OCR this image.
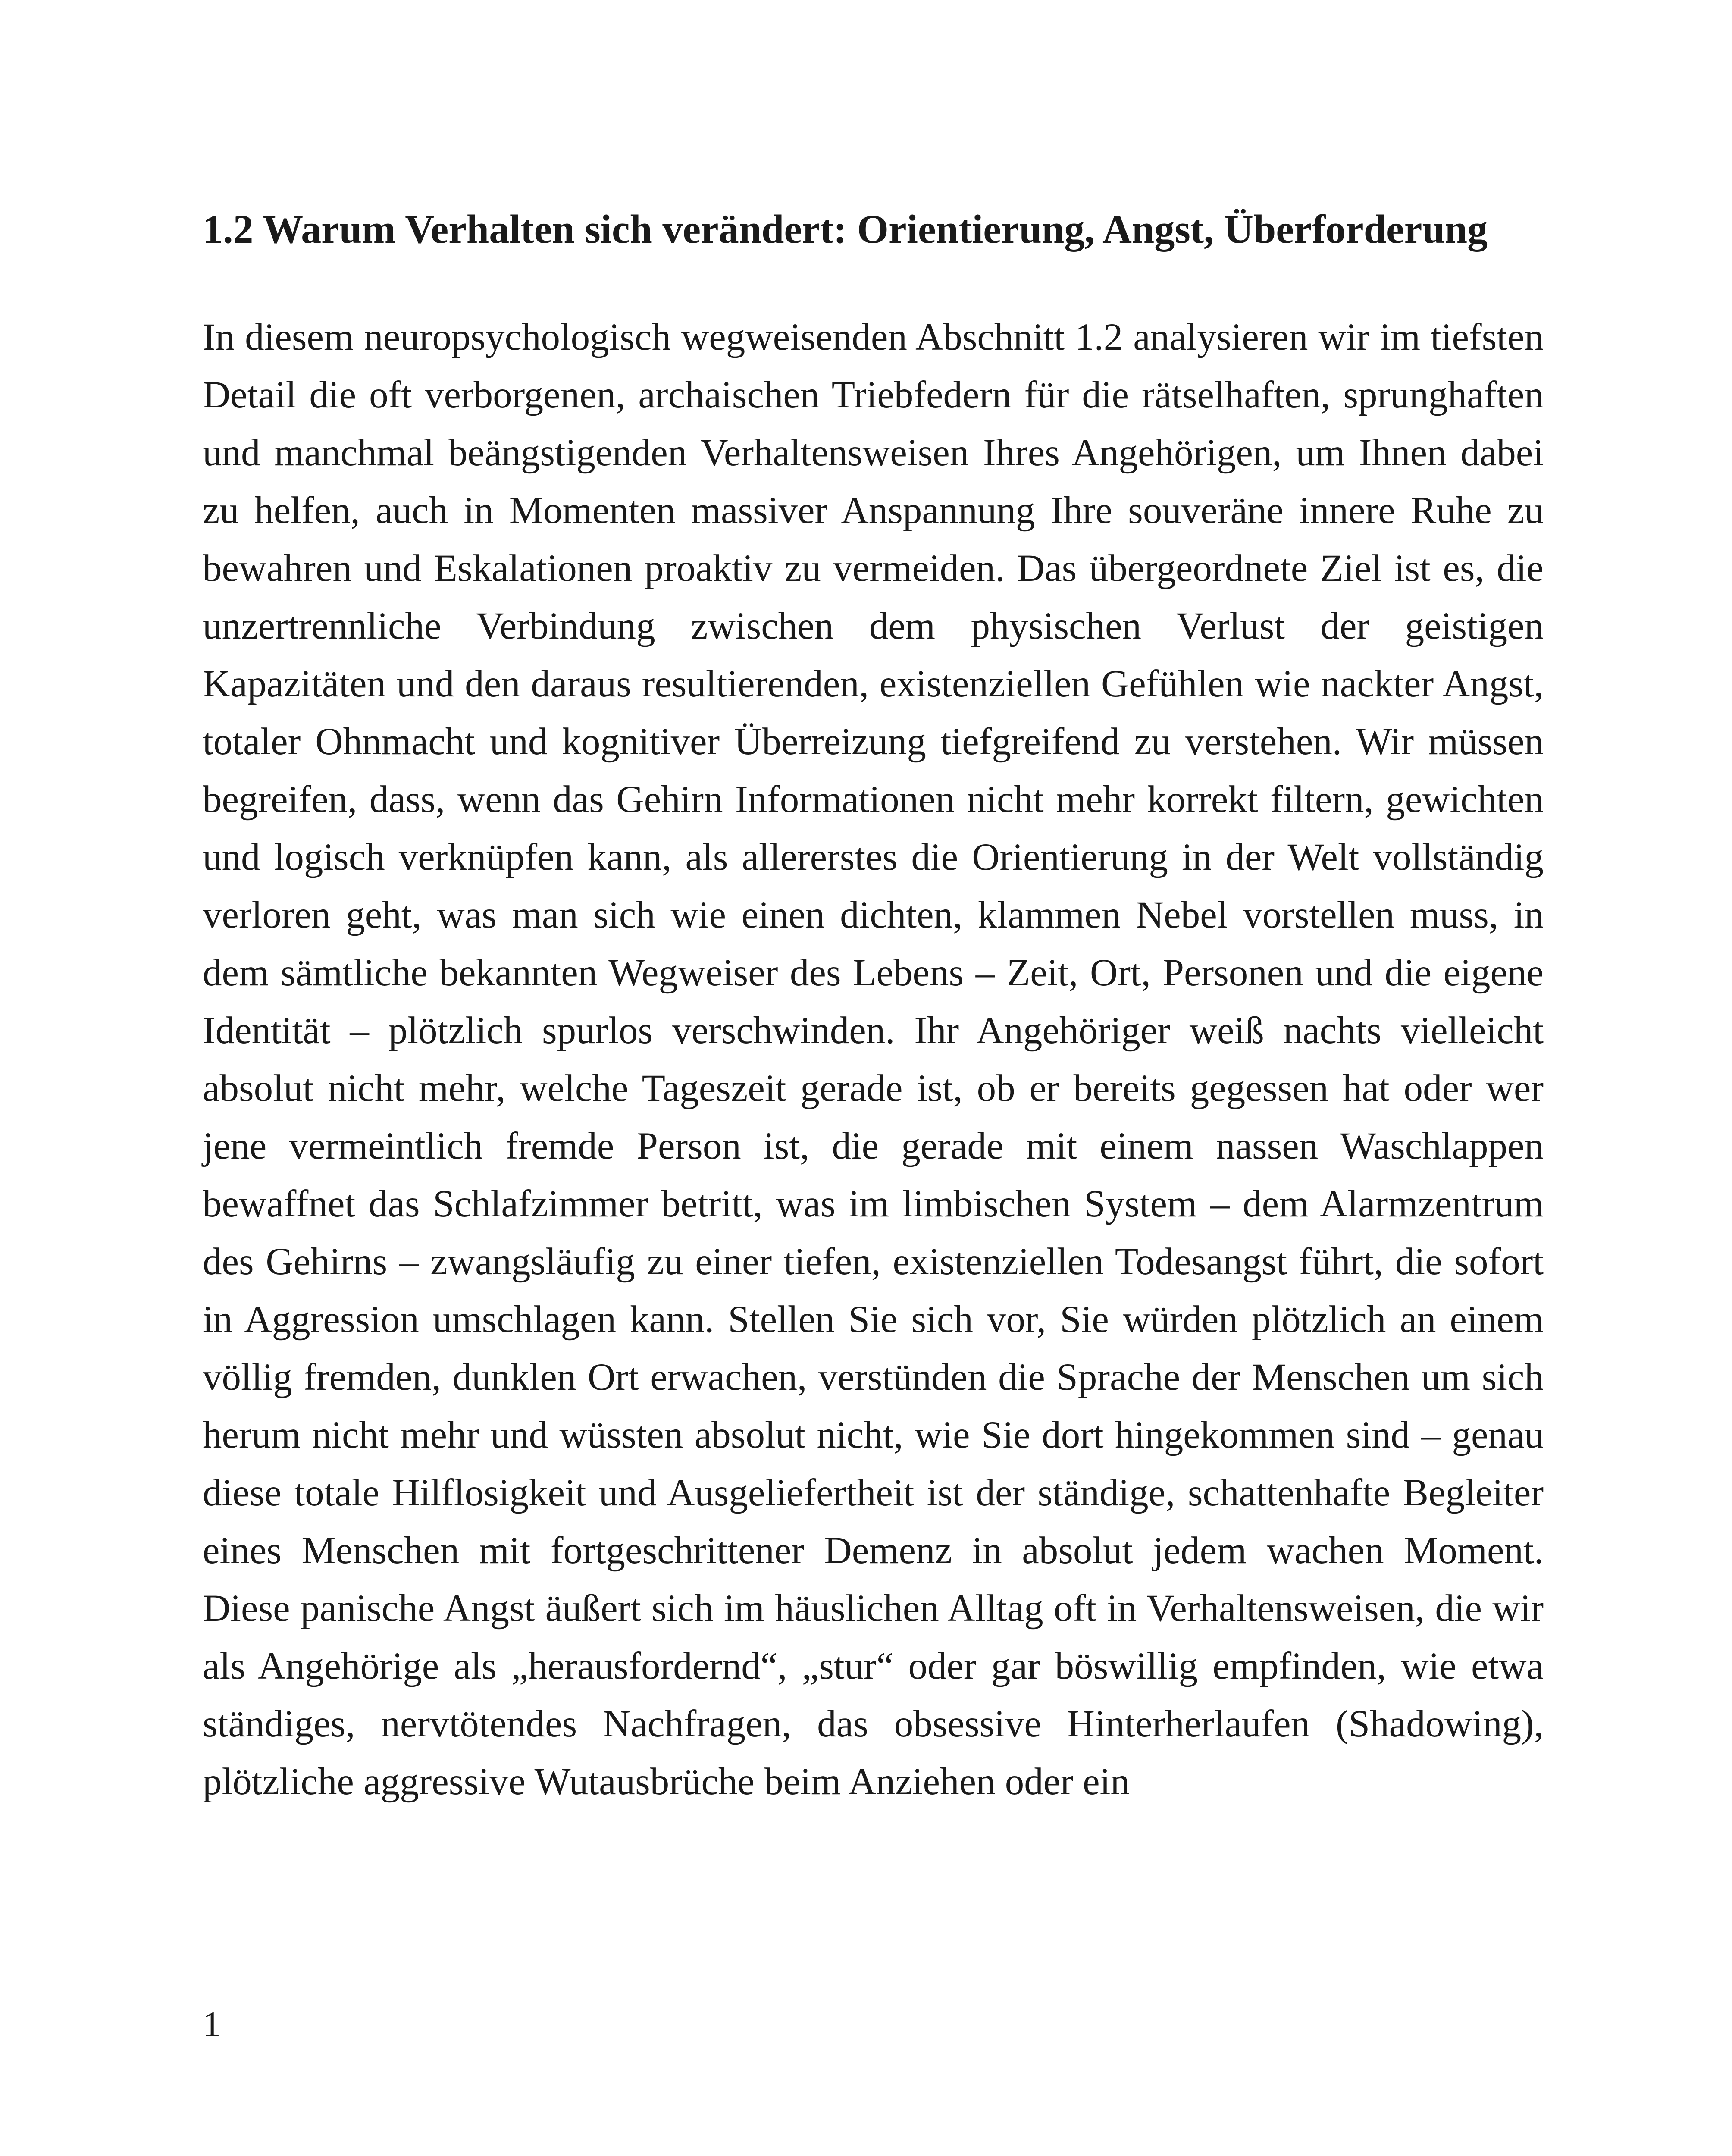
1.2 Warum Verhalten sich verändert: Orientierung, Angst, Überforderung

In diesem neuropsychologisch wegweisenden Abschnitt 1.2 analysieren wir im tiefsten Detail die oft verborgenen, archaischen Triebfedern für die rätselhaften, sprunghaften und manchmal beängstigenden Verhaltensweisen Ihres Angehörigen, um Ihnen dabei zu helfen, auch in Momenten massiver Anspannung Ihre souveräne innere Ruhe zu bewahren und Eskalationen proaktiv zu vermeiden. Das übergeordnete Ziel ist es, die unzertrennliche Verbindung zwischen dem physischen Verlust der geistigen Kapazitäten und den daraus resultierenden, existenziellen Gefühlen wie nackter Angst, totaler Ohnmacht und kognitiver Überreizung tiefgreifend zu verstehen. Wir müssen begreifen, dass, wenn das Gehirn Informationen nicht mehr korrekt filtern, gewichten und logisch verknüpfen kann, als allererstes die Orientierung in der Welt vollständig verloren geht, was man sich wie einen dichten, klammen Nebel vorstellen muss, in dem sämtliche bekannten Wegweiser des Lebens – Zeit, Ort, Personen und die eigene Identität – plötzlich spurlos verschwinden. Ihr Angehöriger weiß nachts vielleicht absolut nicht mehr, welche Tageszeit gerade ist, ob er bereits gegessen hat oder wer jene vermeintlich fremde Person ist, die gerade mit einem nassen Waschlappen bewaffnet das Schlafzimmer betritt, was im limbischen System – dem Alarmzentrum des Gehirns – zwangsläufig zu einer tiefen, existenziellen Todesangst führt, die sofort in Aggression umschlagen kann. Stellen Sie sich vor, Sie würden plötzlich an einem völlig fremden, dunklen Ort erwachen, verstünden die Sprache der Menschen um sich herum nicht mehr und wüssten absolut nicht, wie Sie dort hingekommen sind – genau diese totale Hilflosigkeit und Ausgeliefertheit ist der ständige, schattenhafte Begleiter eines Menschen mit fortgeschrittener Demenz in absolut jedem wachen Moment. Diese panische Angst äußert sich im häuslichen Alltag oft in Verhaltensweisen, die wir als Angehörige als „herausfordernd“, „stur“ oder gar böswillig empfinden, wie etwa ständiges, nervtötendes Nachfragen, das obsessive Hinterherlaufen (Shadowing), plötzliche aggressive Wutausbrüche beim Anziehen oder ein

1
